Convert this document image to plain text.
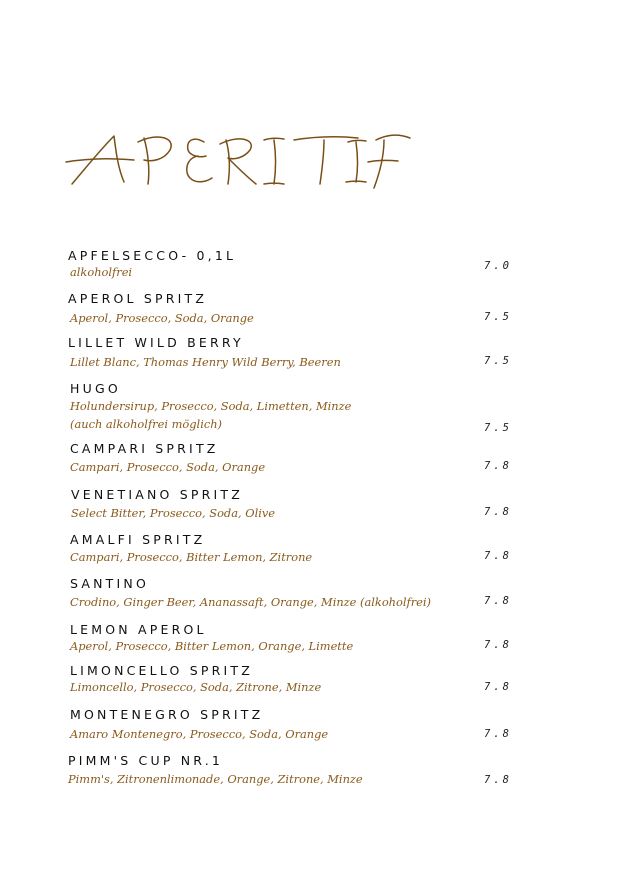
APFELSECCO- 0,1L
alkoholfrei	7.0
APEROL SPRITZ
Aperol, Prosecco, Soda, Orange	7.5
LILLET WILD BERRY
Lillet Blanc, Thomas Henry Wild Berry, Beeren	7.5
HUGO
Holundersirup, Prosecco, Soda, Limetten, Minze
(auch alkoholfrei möglich)	7.5
CAMPARI SPRITZ
Campari, Prosecco, Soda, Orange	7.8
VENETIANO SPRITZ
Select Bitter, Prosecco, Soda, Olive	7.8
AMALFI SPRITZ
Campari, Prosecco, Bitter Lemon, Zitrone	7.8
SANTINO
Crodino, Ginger Beer, Ananassaft, Orange, Minze (alkoholfrei)	7.8
LEMON APEROL
Aperol, Prosecco, Bitter Lemon, Orange, Limette	7.8
LIMONCELLO SPRITZ
Limoncello, Prosecco, Soda, Zitrone, Minze	7.8
MONTENEGRO SPRITZ
Amaro Montenegro, Prosecco, Soda, Orange	7.8
PIMM'S CUP NR.1
Pimm's, Zitronenlimonade, Orange, Zitrone, Minze	7.8
